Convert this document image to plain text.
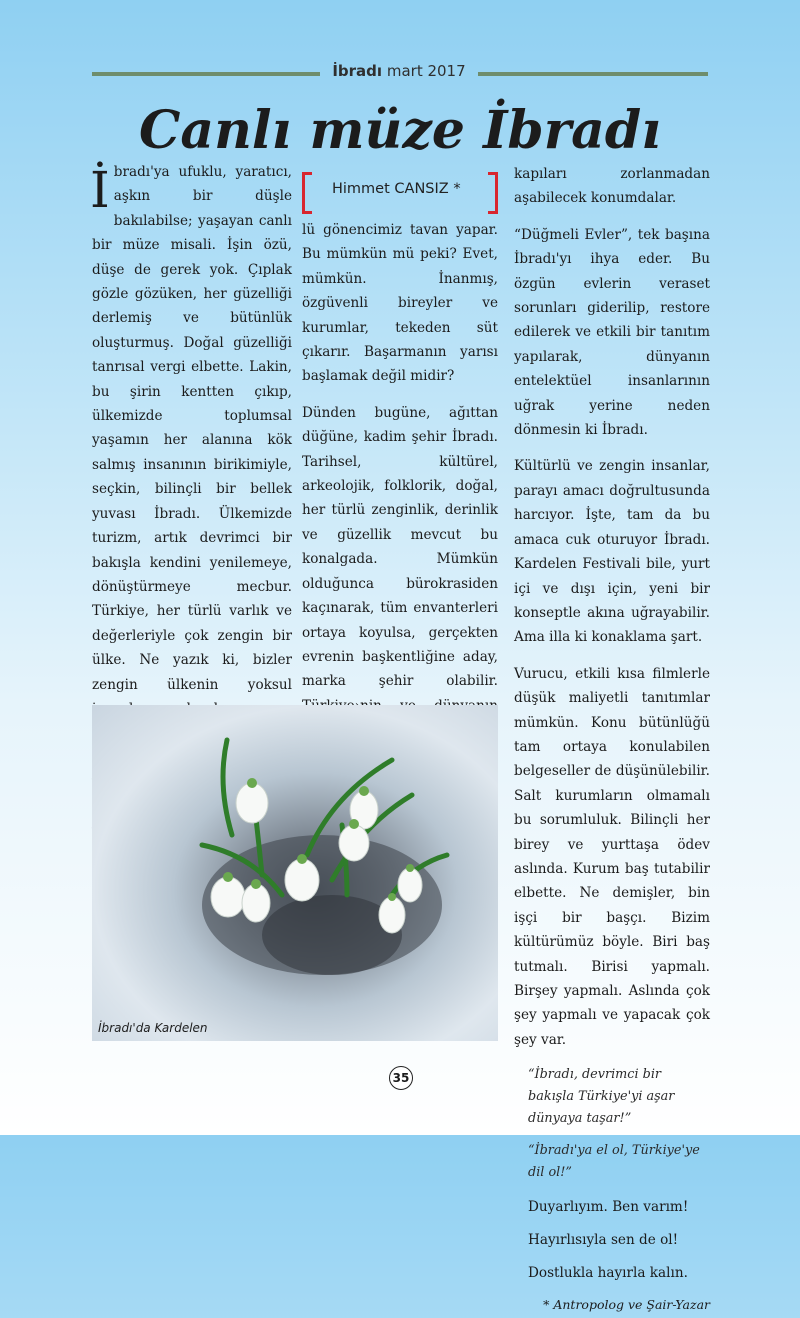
İbradı mart 2017
Canlı müze İbradı

İbradı'ya ufuklu, yaratıcı, aşkın bir düşle bakılabilse; yaşayan canlı bir müze misali. İşin özü, düşe de gerek yok. Çıplak gözle gözüken, her güzelliği derlemiş ve bütünlük oluşturmuş. Doğal güzelliği tanrısal vergi elbette. Lakin, bu şirin kentten çıkıp, ülkemizde toplumsal yaşamın her alanına kök salmış insanının birikimiyle, seçkin, bilinçli bir bellek yuvası İbradı. Ülkemizde turizm, artık devrimci bir bakışla kendini yenilemeye, dönüştürmeye mecbur. Türkiye, her türlü varlık ve değerleriyle çok zengin bir ülke. Ne yazık ki, bizler zengin ülkenin yoksul

Himmet CANSIZ *

lü gönencimiz tavan yapar. Bu mümkün mü peki? Evet, mümkün. İnanmış, özgüvenli bireyler ve kurumlar, tekeden süt çıkarır. Başarmanın yarısı başlamak değil midir?

Dünden bugüne, ağıttan düğüne, kadim şehir İbradı. Tarihsel, kültürel, arkeolojik, folklorik, doğal, her türlü zenginlik, derinlik ve güzellik mevcut bu konalgada. Mümkün olduğunca bürokrasiden kaçınarak, tüm envanterleri ortaya koyulsa, gerçekten evrenin başkentliğine aday, marka şehir olabilir.

kapıları zorlanmadan aşabilecek konumdalar.

“Düğmeli Evler”, tek başına İbradı'yı ihya eder. Bu özgün evlerin veraset sorunları giderilip, restore edilerek ve etkili bir tanıtım yapılarak, dünyanın entelektüel insanlarının uğrak yerine neden dönmesin ki İbradı.

Kültürlü ve zengin insanlar, parayı amacı doğrultusunda harcıyor. İşte, tam da bu amaca cuk oturuyor İbradı. Kardelen Festivali bile, yurt içi ve dışı için, yeni bir konseptle akına uğrayabilir. Ama illa ki konaklama şart.

Vurucu, etkili kısa filmlerle düşük maliyetli tanıtımlar mümkün. Konu bütünlüğü tam ortaya konulabilen belgeseller de düşünülebilir. Salt kurumların olmamalı bu sorumluluk. Bilinçli her birey ve yurttaşa ödev aslında. Kurum baş tutabilir elbette. Ne demişler, bin işçi bir başçı. Bizim kültürümüz böyle. Biri baş tutmalı. Birisi yapmalı. Birşey yapmalı. Aslında çok şey yapmalı ve yapacak çok şey var.

“İbradı, devrimci bir bakışla Türkiye'yi aşar dünyaya taşar!”

“İbradı'ya el ol, Türkiye'ye dil ol!”

Duyarlıyım. Ben varım!

Hayırlısıyla sen de ol!

Dostlukla hayırla kalın.

* Antropolog ve Şair-Yazar

İbradı'da Kardelen
35
